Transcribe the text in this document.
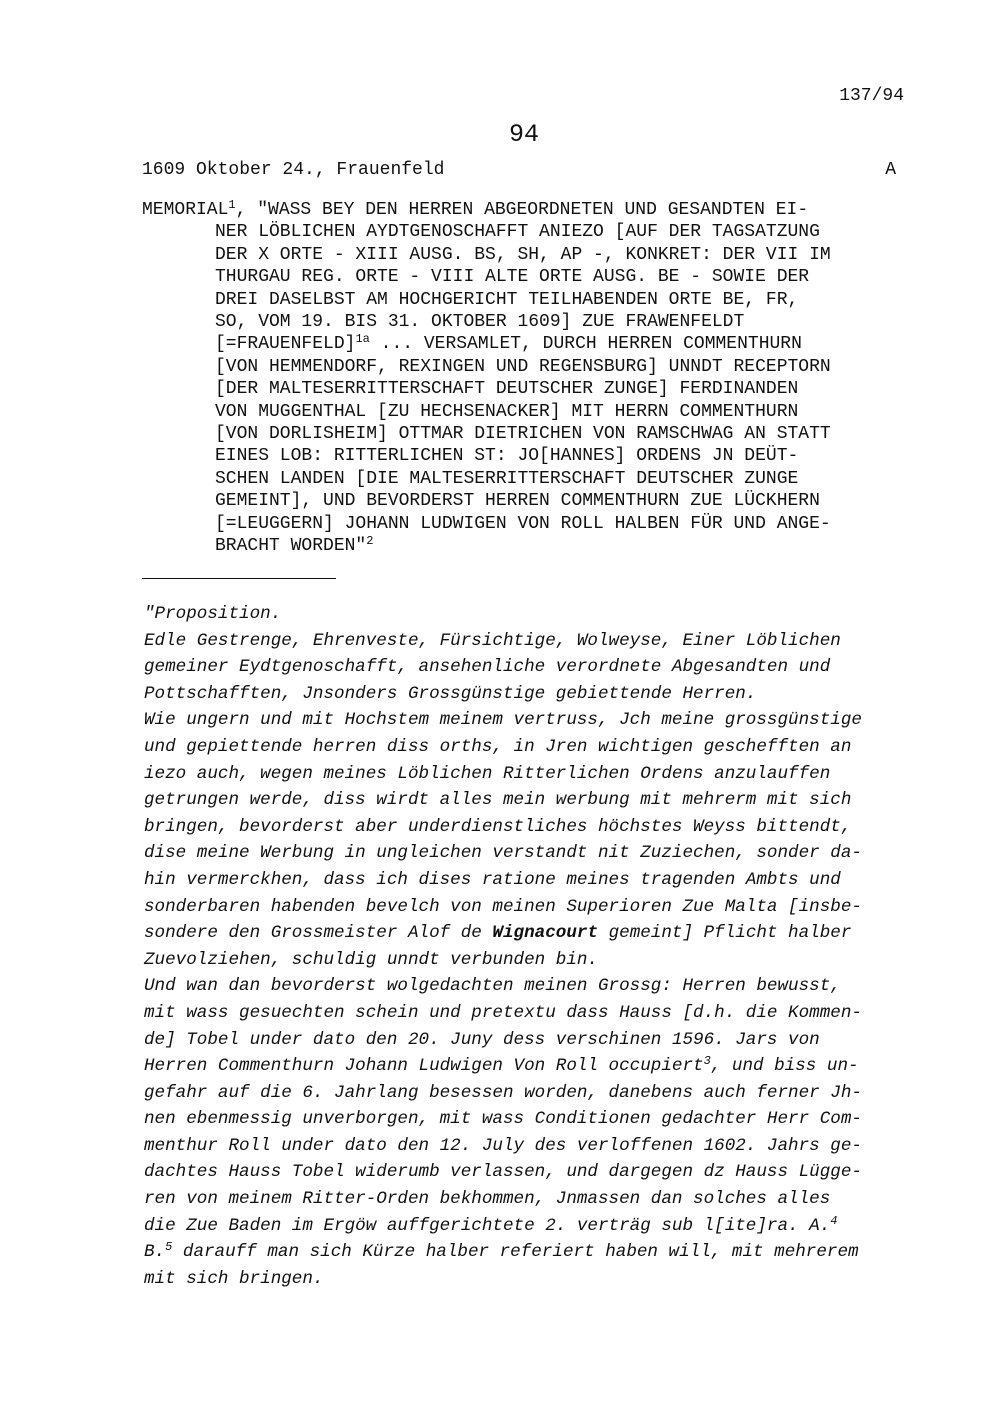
137/94
94
1609 Oktober 24., Frauenfeld	A
MEMORIAL$^1$, "WASS BEY DEN HERREN ABGEORDNETEN UND GESANDTEN EI-
NER LÖBLICHEN AYDTGENOSCHAFFT ANIEZO [AUF DER TAGSATZUNG
DER X ORTE - XIII AUSG. BS, SH, AP -, KONKRET: DER VII IM
THURGAU REG. ORTE - VIII ALTE ORTE AUSG. BE - SOWIE DER
DREI DASELBST AM HOCHGERICHT TEILHABENDEN ORTE BE, FR,
SO, VOM 19. BIS 31. OKTOBER 1609] ZUE FRAWENFELDT
[=FRAUENFELD]$^{1a}$ ... VERSAMLET, DURCH HERREN COMMENTHURN
[VON HEMMENDORF, REXINGEN UND REGENSBURG] UNNDT RECEPTORN
[DER MALTESERRITTERSCHAFT DEUTSCHER ZUNGE] FERDINANDEN
VON MUGGENTHAL [ZU HECHSENACKER] MIT HERRN COMMENTHURN
[VON DORLISHEIM] OTTMAR DIETRICHEN VON RAMSCHWAG AN STATT
EINES LOB: RITTERLICHEN ST: JO[HANNES] ORDENS JN DEÜT-
SCHEN LANDEN [DIE MALTESERRITTERSCHAFT DEUTSCHER ZUNGE
GEMEINT], UND BEVORDERST HERREN COMMENTHURN ZUE LÜCKHERN
[=LEUGGERN] JOHANN LUDWIGEN VON ROLL HALBEN FÜR UND ANGE-
BRACHT WORDEN"$^2$
"Proposition.
Edle Gestrenge, Ehrenveste, Fürsichtige, Wolweyse, Einer Löblichen
gemeiner Eydtgenoschafft, ansehenliche verordnete Abgesandten und
Pottschafften, Jnsonders Grossgünstige gebiettende Herren.
Wie ungern und mit Hochstem meinem vertruss, Jch meine grossgünstige
und gepiettende herren diss orths, in Jren wichtigen geschefften an
iezo auch, wegen meines Löblichen Ritterlichen Ordens anzulauffen
getrungen werde, diss wirdt alles mein werbung mit mehrerm mit sich
bringen, bevorderst aber underdienstliches höchstes Weyss bittendt,
dise meine Werbung in ungleichen verstandt nit Zuziechen, sonder da-
hin vermerckhen, dass ich dises ratione meines tragenden Ambts und
sonderbaren habenden bevelch von meinen Superioren Zue Malta [insbe-
sondere den Grossmeister Alof de Wignacourt gemeint] Pflicht halber
Zuevolziehen, schuldig unndt verbunden bin.
Und wan dan bevorderst wolgedachten meinen Grossg: Herren bewusst,
mit wass gesuechten schein und pretextu dass Hauss [d.h. die Kommen-
de] Tobel under dato den 20. Juny dess verschinen 1596. Jars von
Herren Commenthurn Johann Ludwigen Von Roll occupiert$^3$, und biss un-
gefahr auf die 6. Jahrlang besessen worden, danebens auch ferner Jh-
nen ebenmessig unverborgen, mit wass Conditionen gedachter Herr Com-
menthur Roll under dato den 12. July des verloffenen 1602. Jahrs ge-
dachtes Hauss Tobel widerumb verlassen, und dargegen dz Hauss Lügge-
ren von meinem Ritter-Orden bekhommen, Jnmassen dan solches alles
die Zue Baden im Ergöw auffgerichtete 2. verträg sub l[ite]ra. A.$^4$
B.$^5$ darauff man sich Kürze halber referiert haben will, mit mehrerem
mit sich bringen.
